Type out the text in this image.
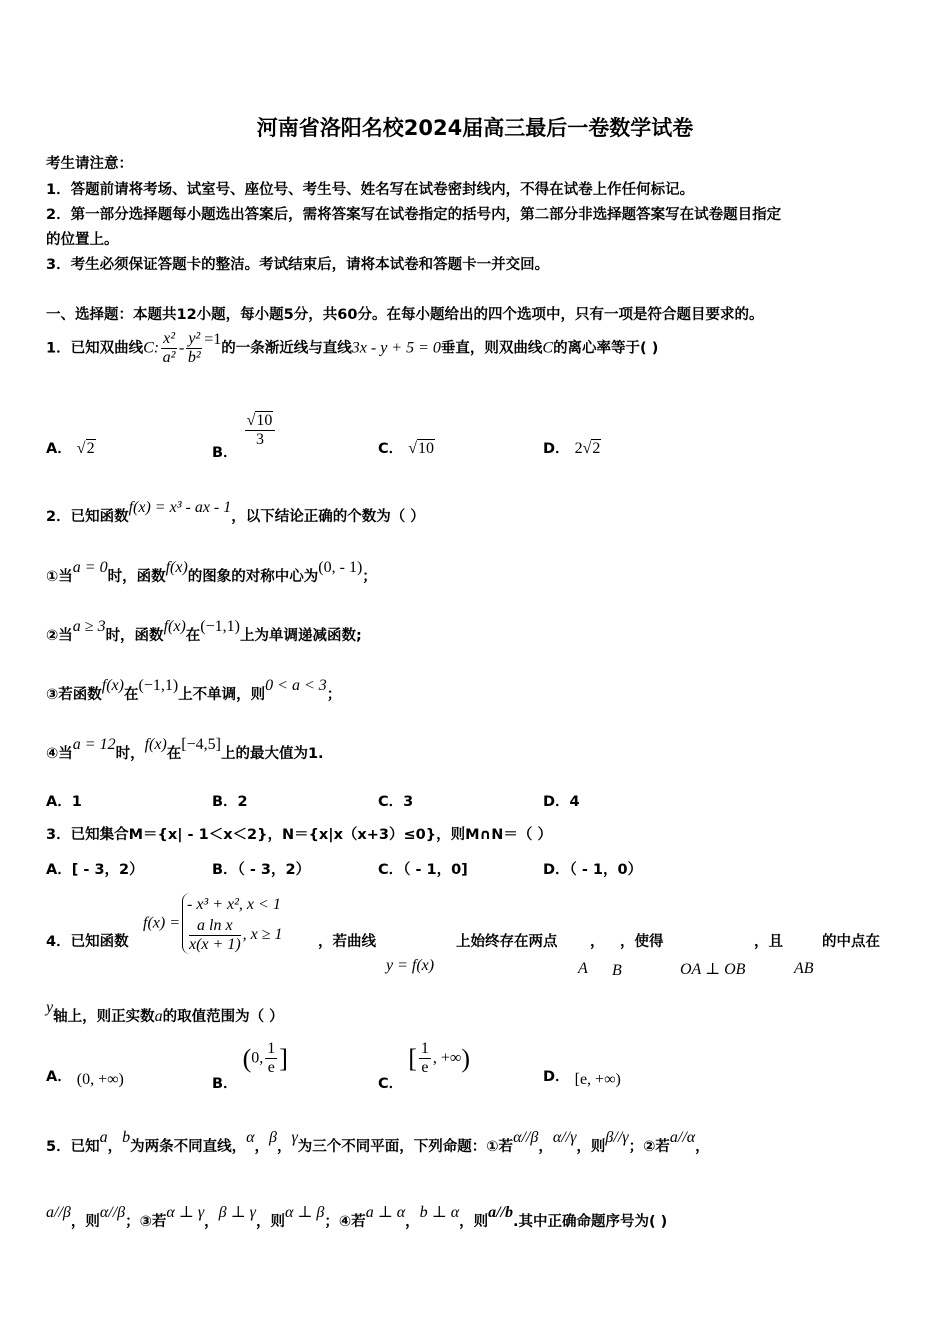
河南省洛阳名校2024届高三最后一卷数学试卷
考生请注意：
1．答题前请将考场、试室号、座位号、考生号、姓名写在试卷密封线内，不得在试卷上作任何标记。
2．第一部分选择题每小题选出答案后，需将答案写在试卷指定的括号内，第二部分非选择题答案写在试卷题目指定
的位置上。
3．考生必须保证答题卡的整洁。考试结束后，请将本试卷和答题卡一并交回。
一、选择题：本题共12小题，每小题5分，共60分。在每小题给出的四个选项中，只有一项是符合题目要求的。
1．已知双曲线C: $\frac{\text{x²}}{\text{a²}} - \frac{\text{y²}}{\text{b²}} =1$的一条渐近线与直线3x - y + 5 = 0垂直，则双曲线C的离心率等于( )
A． √2	B．
$\frac{√10}{3}$	C． √10	D． 2√2
2．已知函数f(x) = x³ - ax - 1，以下结论正确的个数为（ ）
①当a = 0时，函数f(x)的图象的对称中心为(0, - 1)；
②当a ≥ 3时，函数f(x)在(−1,1)上为单调递减函数;
③若函数f(x)在(−1,1)上不单调，则0 < a < 3；
④当a = 12时，f(x)在[−4,5]上的最大值为1.
A．1	B．2	C．3	D．4
3．已知集合M＝{x| - 1＜x＜2}，N＝{x|x（x+3）≤0}，则M∩N＝（ ）
A．[ - 3，2）	B．（ - 3，2）	C．（ - 1，0]	D．（ - 1，0）
4．已知函数
f(x) =
- x³ + x², x < 1
$\frac{\text{a ln x}}{x(x + 1)}$ , x ≥ 1 ，若曲线	上始终存在两点 ， ，使得	，且	的中点在
y = f(x)	A B	OA ⊥ OB	AB
y轴上，则正实数a的取值范围为（ ）
A． (0, +∞)	B． (0, $\frac{1}{e}$ ]
C． [ $\frac{1}{e}$ , +∞)
D． [e, +∞)
5．已知a，b为两条不同直线，α，β，γ为三个不同平面，下列命题：①若α//β，α//γ，则β//γ；②若a//α，
a//β，则α//β；③若α ⊥ γ，β ⊥ γ，则α ⊥ β；④若a ⊥ α，b ⊥ α，则a//b.其中正确命题序号为( )
